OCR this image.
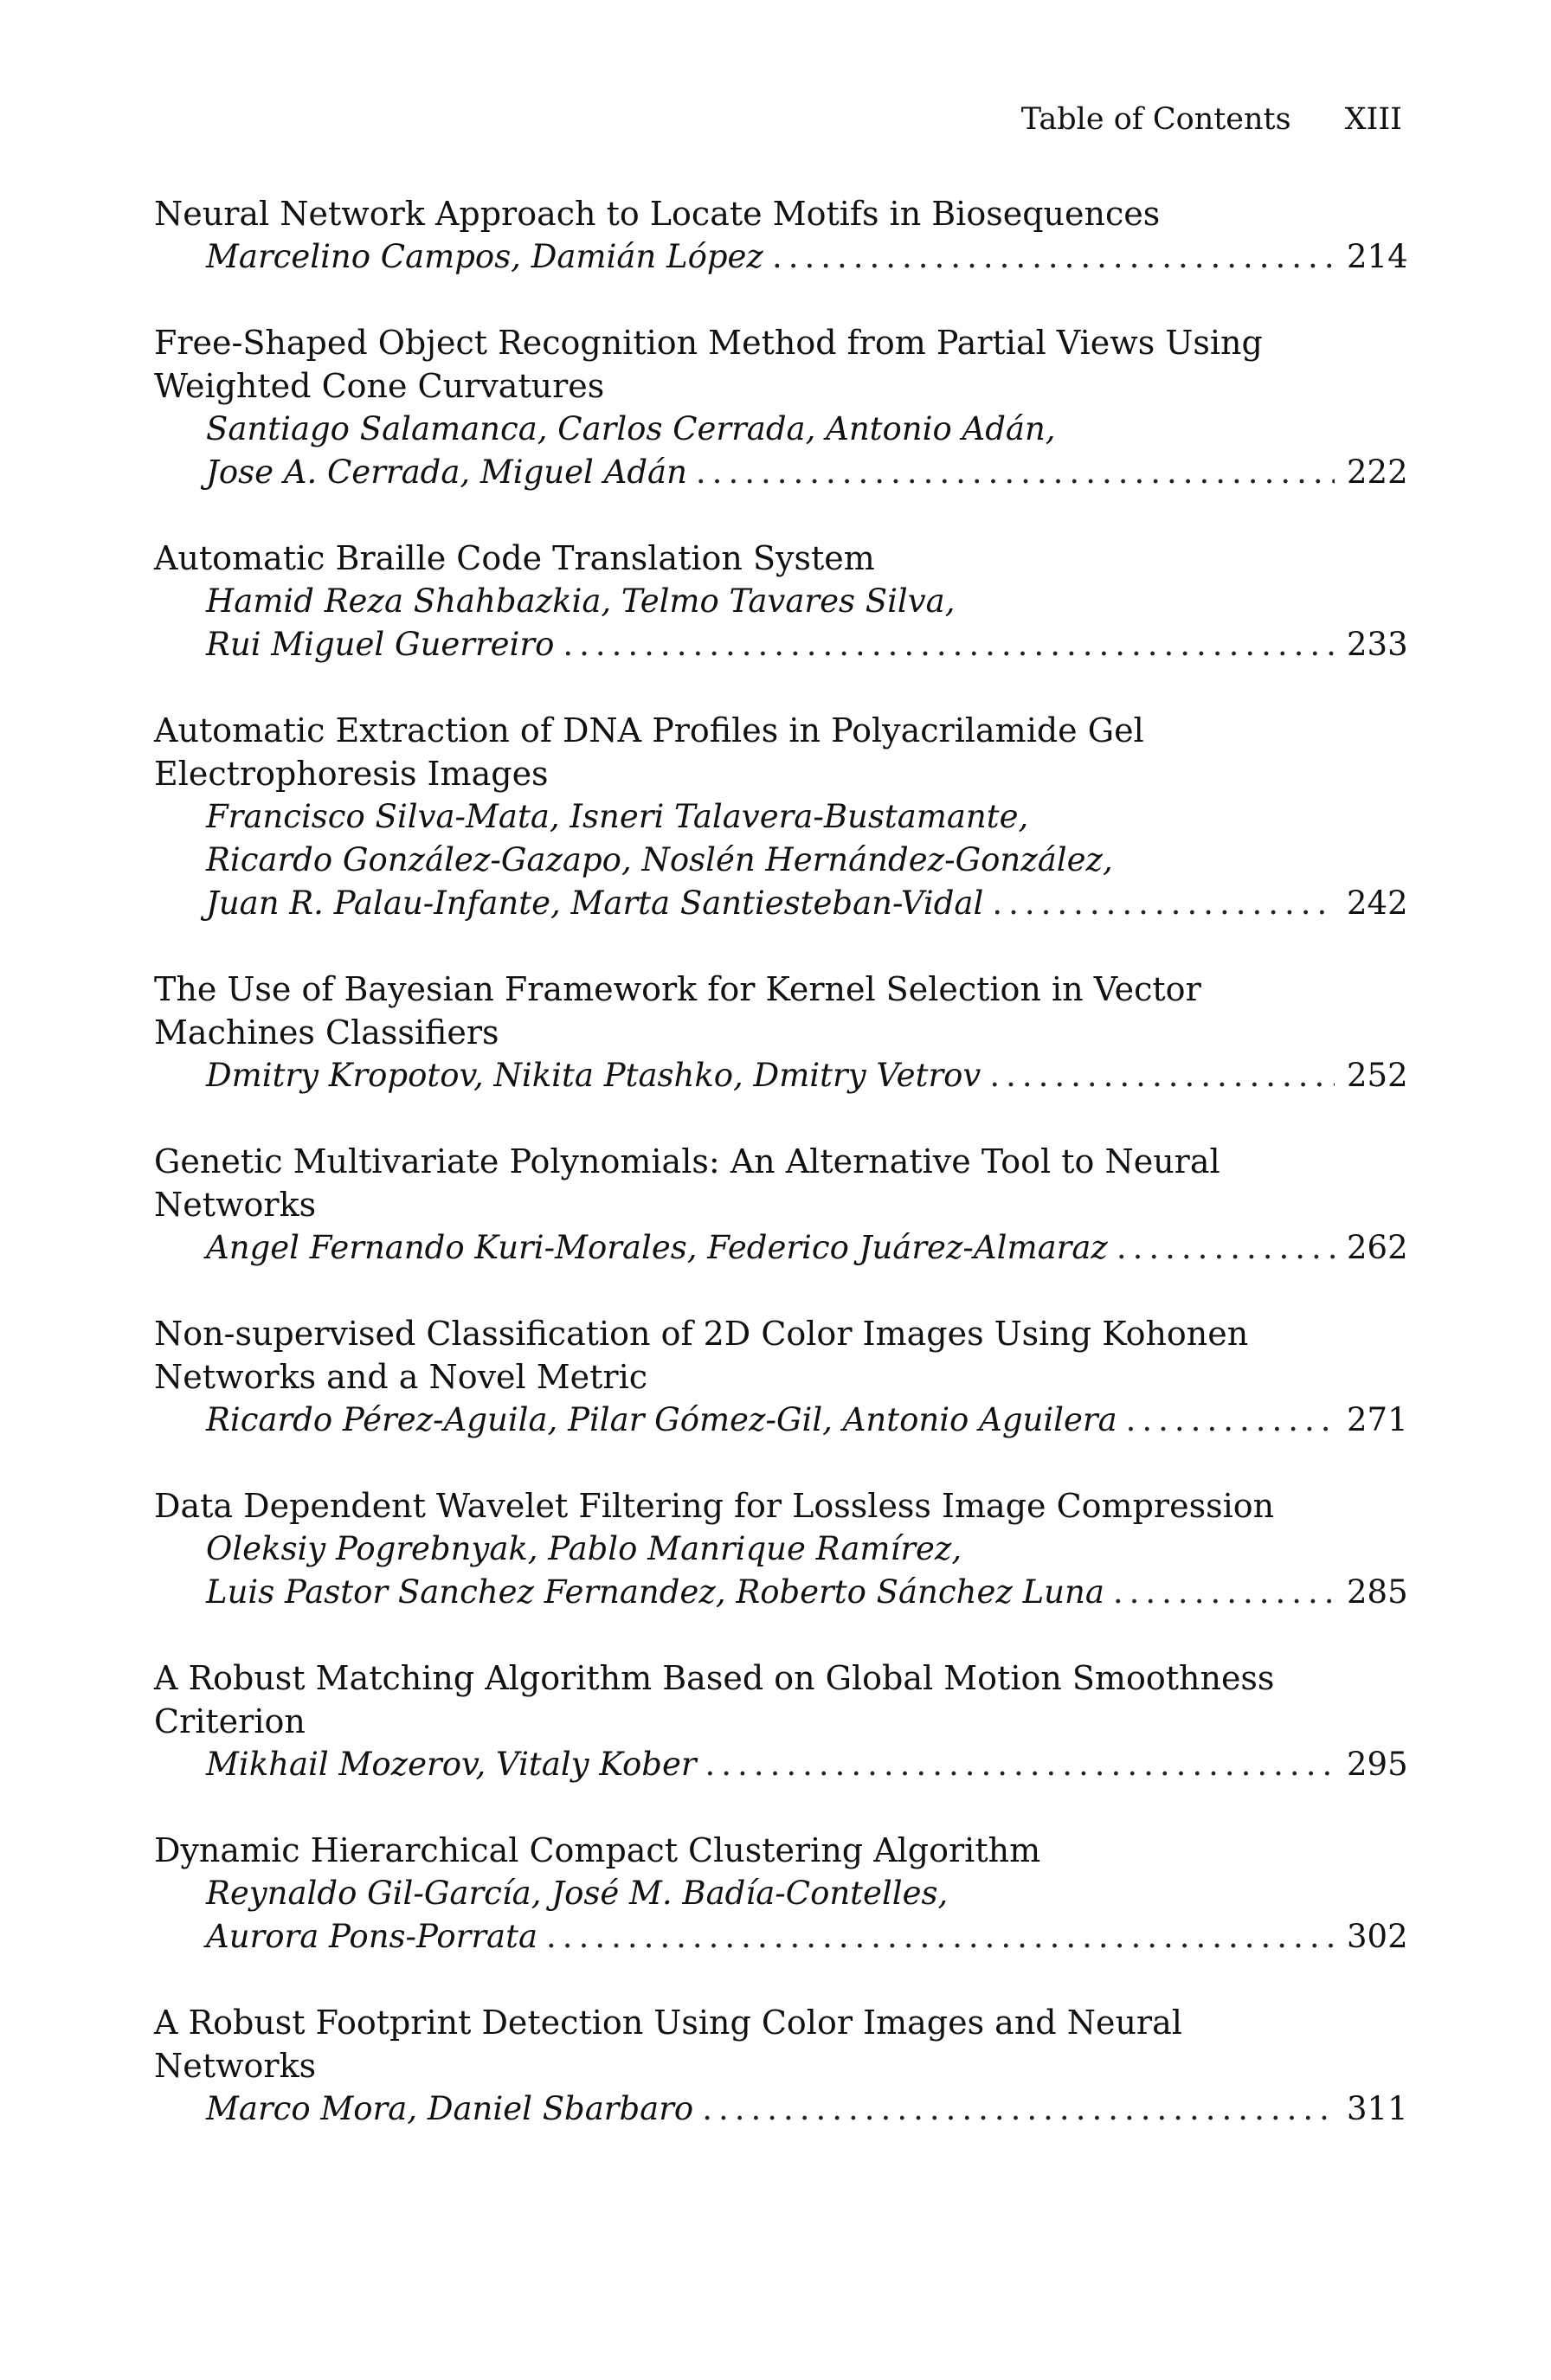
Table of Contents XIII
Neural Network Approach to Locate Motifs in Biosequences
Marcelino Campos, Damián López .....	214
Free-Shaped Object Recognition Method from Partial Views Using
Weighted Cone Curvatures
Santiago Salamanca, Carlos Cerrada, Antonio Adán,
Jose A. Cerrada, Miguel Adán .....	222
Automatic Braille Code Translation System
Hamid Reza Shahbazkia, Telmo Tavares Silva,
Rui Miguel Guerreiro .....	233
Automatic Extraction of DNA Profiles in Polyacrilamide Gel
Electrophoresis Images
Francisco Silva-Mata, Isneri Talavera-Bustamante,
Ricardo González-Gazapo, Noslén Hernández-González,
Juan R. Palau-Infante, Marta Santiesteban-Vidal .....	242
The Use of Bayesian Framework for Kernel Selection in Vector
Machines Classifiers
Dmitry Kropotov, Nikita Ptashko, Dmitry Vetrov .....	252
Genetic Multivariate Polynomials: An Alternative Tool to Neural
Networks
Angel Fernando Kuri-Morales, Federico Juárez-Almaraz .....	262
Non-supervised Classification of 2D Color Images Using Kohonen
Networks and a Novel Metric
Ricardo Pérez-Aguila, Pilar Gómez-Gil, Antonio Aguilera .....	271
Data Dependent Wavelet Filtering for Lossless Image Compression
Oleksiy Pogrebnyak, Pablo Manrique Ramírez,
Luis Pastor Sanchez Fernandez, Roberto Sánchez Luna .....	285
A Robust Matching Algorithm Based on Global Motion Smoothness
Criterion
Mikhail Mozerov, Vitaly Kober .....	295
Dynamic Hierarchical Compact Clustering Algorithm
Reynaldo Gil-García, José M. Badía-Contelles,
Aurora Pons-Porrata .....	302
A Robust Footprint Detection Using Color Images and Neural Networks
Marco Mora, Daniel Sbarbaro .....	311
